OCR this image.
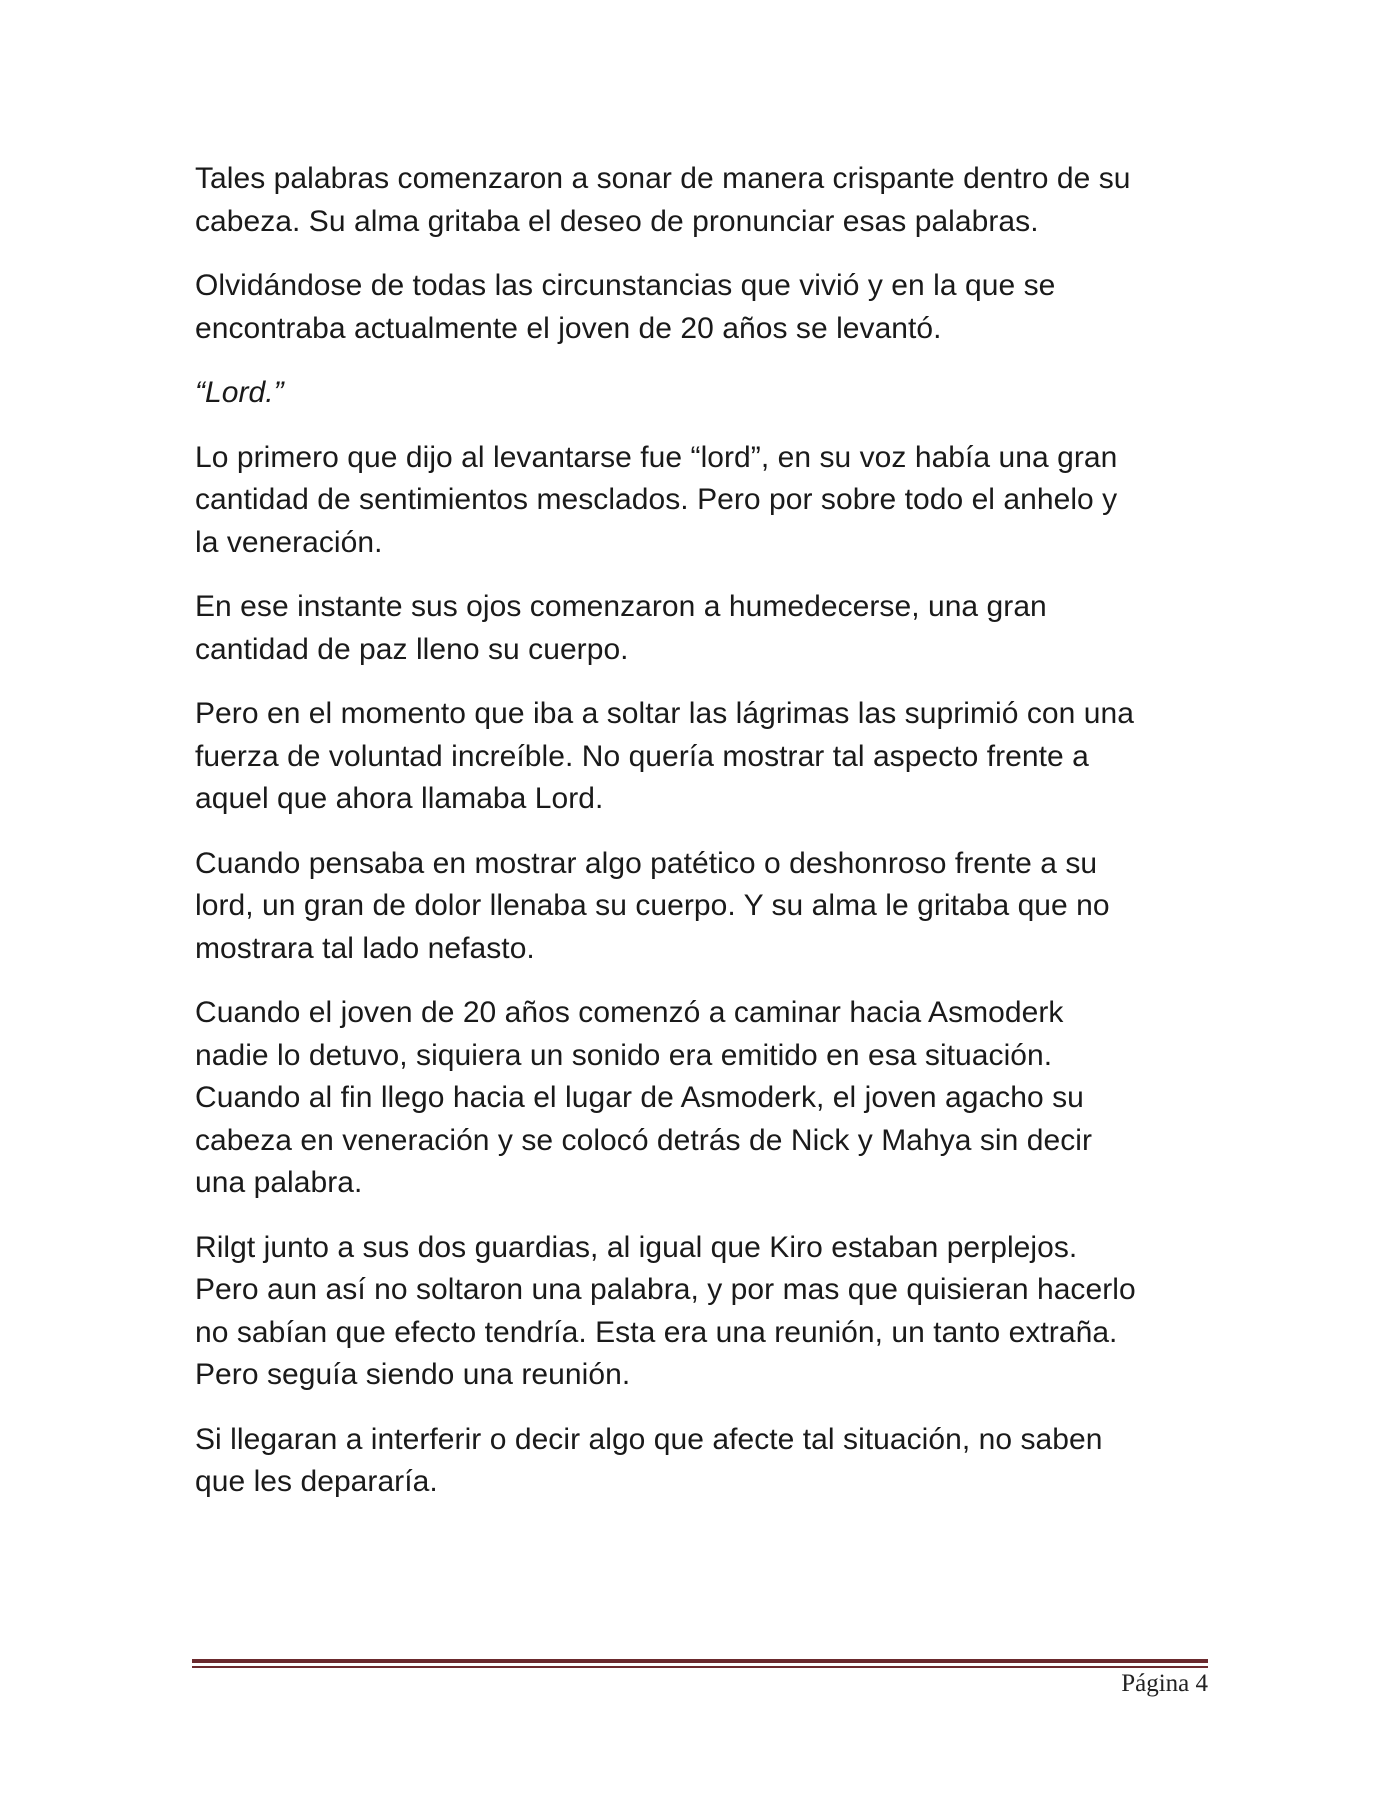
Tales palabras comenzaron a sonar de manera crispante dentro de su
cabeza. Su alma gritaba el deseo de pronunciar esas palabras.

Olvidándose de todas las circunstancias que vivió y en la que se
encontraba actualmente el joven de 20 años se levantó.

“Lord.”

Lo primero que dijo al levantarse fue “lord”, en su voz había una gran
cantidad de sentimientos mesclados. Pero por sobre todo el anhelo y
la veneración.

En ese instante sus ojos comenzaron a humedecerse, una gran
cantidad de paz lleno su cuerpo.

Pero en el momento que iba a soltar las lágrimas las suprimió con una
fuerza de voluntad increíble. No quería mostrar tal aspecto frente a
aquel que ahora llamaba Lord.

Cuando pensaba en mostrar algo patético o deshonroso frente a su
lord, un gran de dolor llenaba su cuerpo. Y su alma le gritaba que no
mostrara tal lado nefasto.

Cuando el joven de 20 años comenzó a caminar hacia Asmoderk
nadie lo detuvo, siquiera un sonido era emitido en esa situación.
Cuando al fin llego hacia el lugar de Asmoderk, el joven agacho su
cabeza en veneración y se colocó detrás de Nick y Mahya sin decir
una palabra.

Rilgt junto a sus dos guardias, al igual que Kiro estaban perplejos.
Pero aun así no soltaron una palabra, y por mas que quisieran hacerlo
no sabían que efecto tendría. Esta era una reunión, un tanto extraña.
Pero seguía siendo una reunión.

Si llegaran a interferir o decir algo que afecte tal situación, no saben
que les depararía.

Página 4
